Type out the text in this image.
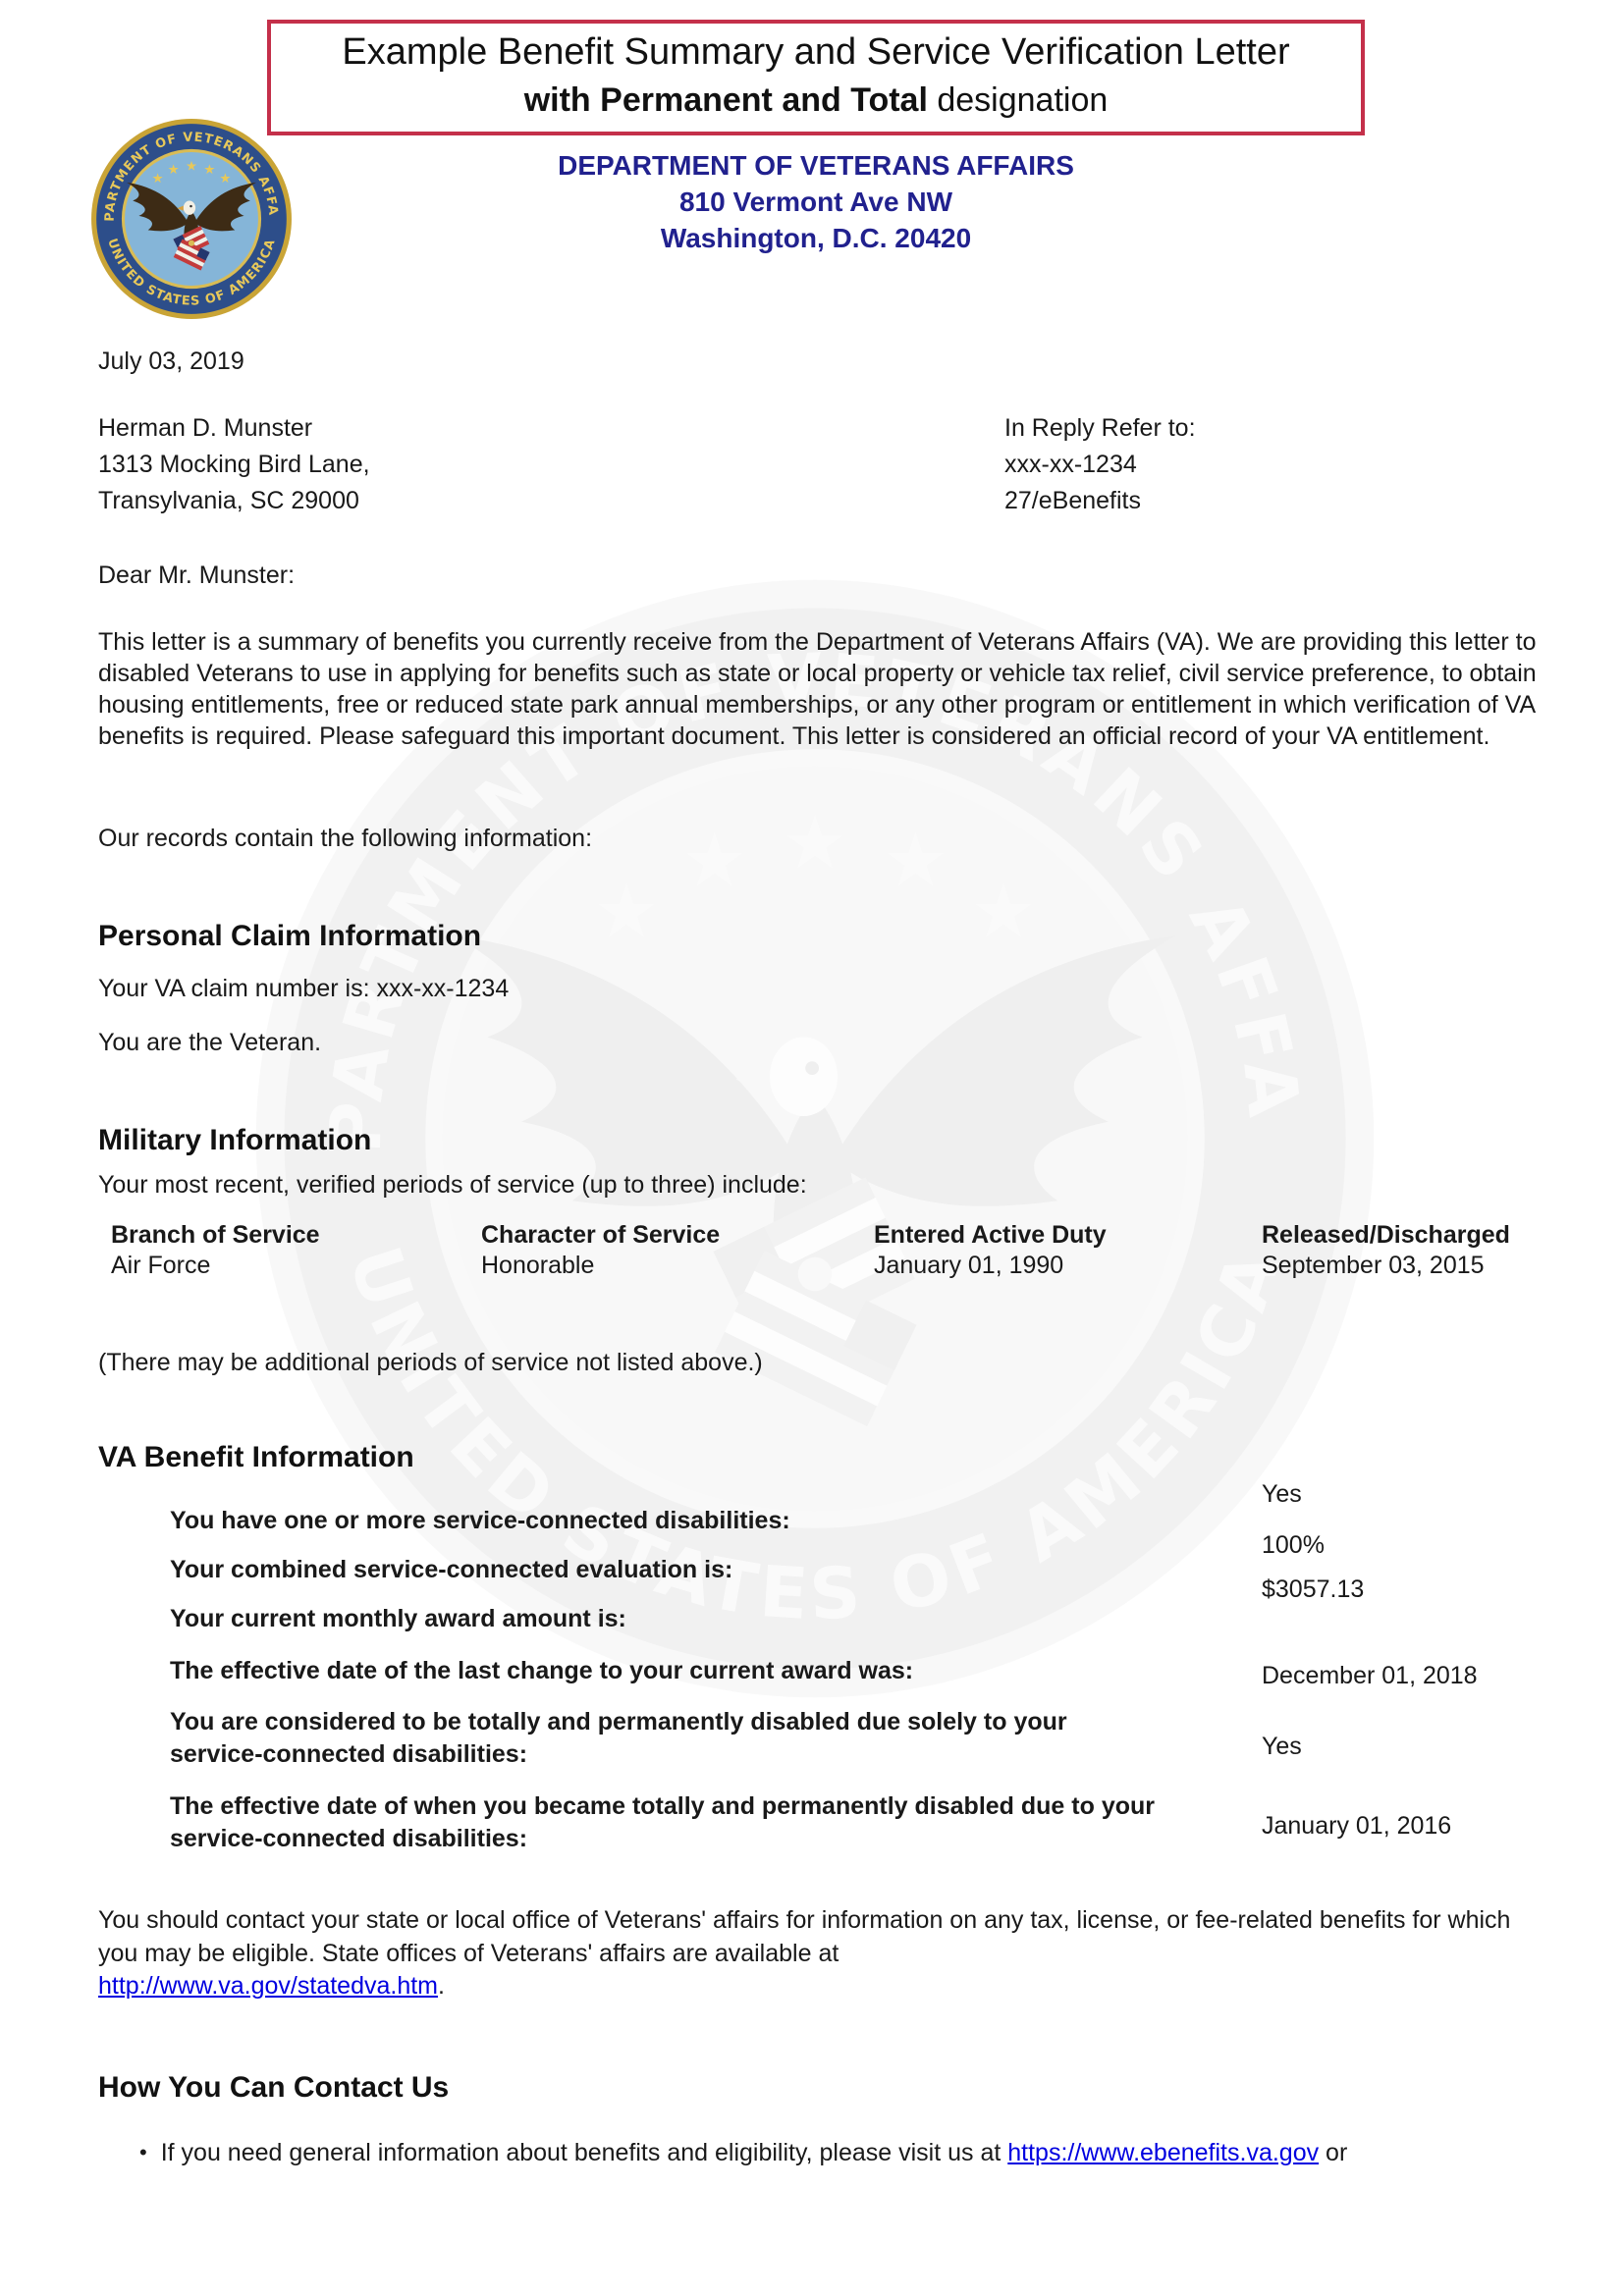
Example Benefit Summary and Service Verification Letter
with Permanent and Total designation
DEPARTMENT OF VETERANS AFFAIRS
810 Vermont Ave NW
Washington, D.C. 20420
July 03, 2019
Herman D. Munster
1313 Mocking Bird Lane,
Transylvania, SC 29000
In Reply Refer to:
xxx-xx-1234
27/eBenefits
Dear Mr. Munster:
This letter is a summary of benefits you currently receive from the Department of Veterans Affairs (VA). We are providing this letter to disabled Veterans to use in applying for benefits such as state or local property or vehicle tax relief, civil service preference, to obtain housing entitlements, free or reduced state park annual memberships, or any other program or entitlement in which verification of VA benefits is required. Please safeguard this important document. This letter is considered an official record of your VA entitlement.
Our records contain the following information:
Personal Claim Information
Your VA claim number is: xxx-xx-1234
You are the Veteran.
Military Information
Your most recent, verified periods of service (up to three) include:
Branch of Service	Character of Service	Entered Active Duty	Released/Discharged
Air Force	Honorable	January 01, 1990	September 03, 2015
(There may be additional periods of service not listed above.)
VA Benefit Information
You have one or more service-connected disabilities:
Yes
Your combined service-connected evaluation is:
100%
Your current monthly award amount is:
$3057.13
The effective date of the last change to your current award was:	December 01, 2018
You are considered to be totally and permanently disabled due solely to your service-connected disabilities:	Yes
The effective date of when you became totally and permanently disabled due to your service-connected disabilities:	January 01, 2016
You should contact your state or local office of Veterans' affairs for information on any tax, license, or fee-related benefits for which you may be eligible. State offices of Veterans' affairs are available at
http://www.va.gov/statedva.htm.
How You Can Contact Us
• If you need general information about benefits and eligibility, please visit us at https://www.ebenefits.va.gov or
